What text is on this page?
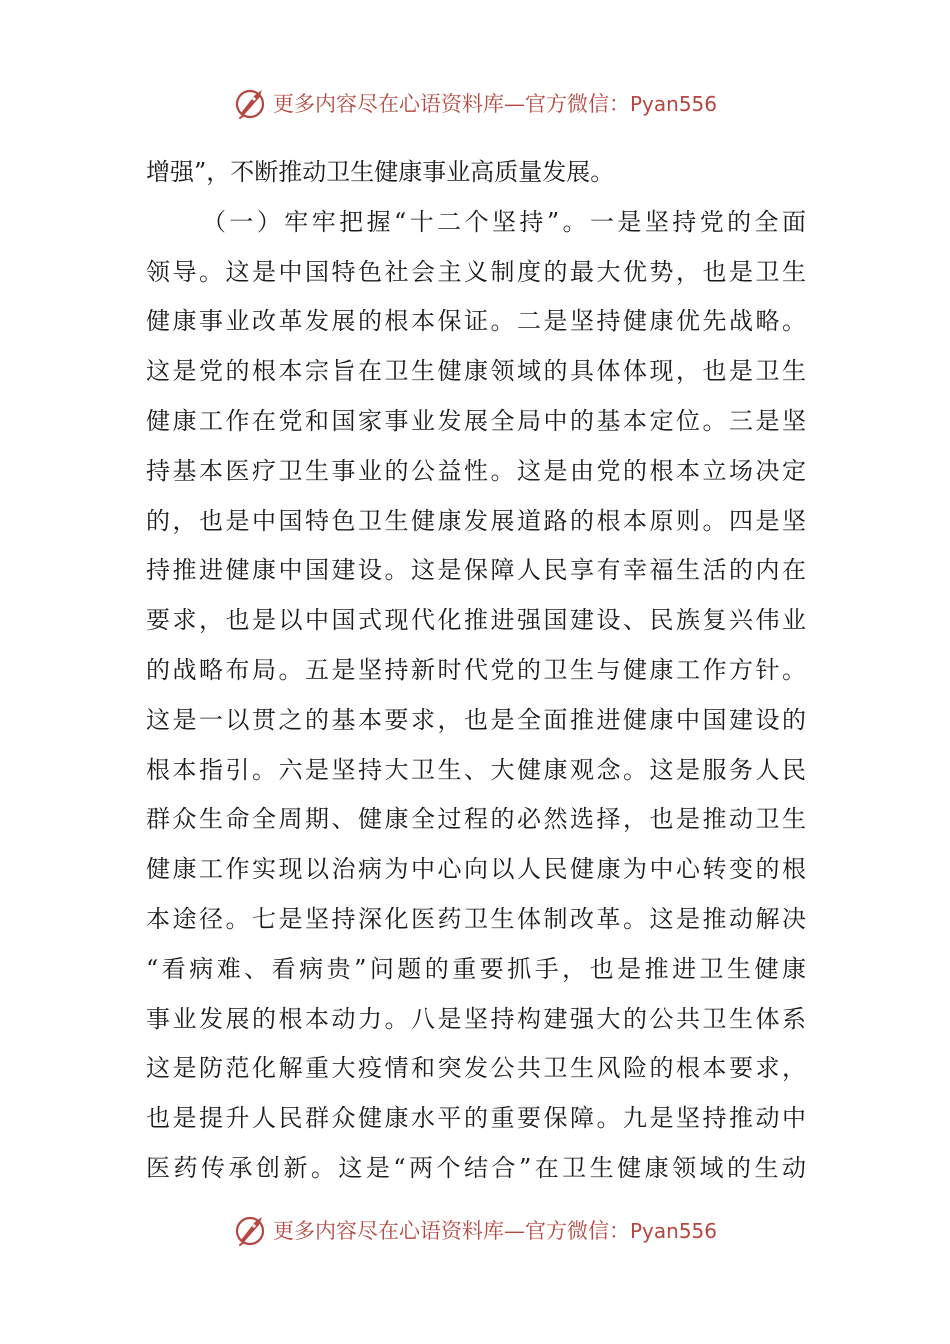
更多内容尽在心语资料库—官方微信：Pyan556
增强”，不断推动卫生健康事业高质量发展。
（一）牢牢把握“十二个坚持”。一是坚持党的全面
领导。这是中国特色社会主义制度的最大优势，也是卫生
健康事业改革发展的根本保证。二是坚持健康优先战略。
这是党的根本宗旨在卫生健康领域的具体体现，也是卫生
健康工作在党和国家事业发展全局中的基本定位。三是坚
持基本医疗卫生事业的公益性。这是由党的根本立场决定
的，也是中国特色卫生健康发展道路的根本原则。四是坚
持推进健康中国建设。这是保障人民享有幸福生活的内在
要求，也是以中国式现代化推进强国建设、民族复兴伟业
的战略布局。五是坚持新时代党的卫生与健康工作方针。
这是一以贯之的基本要求，也是全面推进健康中国建设的
根本指引。六是坚持大卫生、大健康观念。这是服务人民
群众生命全周期、健康全过程的必然选择，也是推动卫生
健康工作实现以治病为中心向以人民健康为中心转变的根
本途径。七是坚持深化医药卫生体制改革。这是推动解决
“看病难、看病贵”问题的重要抓手，也是推进卫生健康
事业发展的根本动力。八是坚持构建强大的公共卫生体系
这是防范化解重大疫情和突发公共卫生风险的根本要求，
也是提升人民群众健康水平的重要保障。九是坚持推动中
医药传承创新。这是“两个结合”在卫生健康领域的生动
更多内容尽在心语资料库—官方微信：Pyan556
